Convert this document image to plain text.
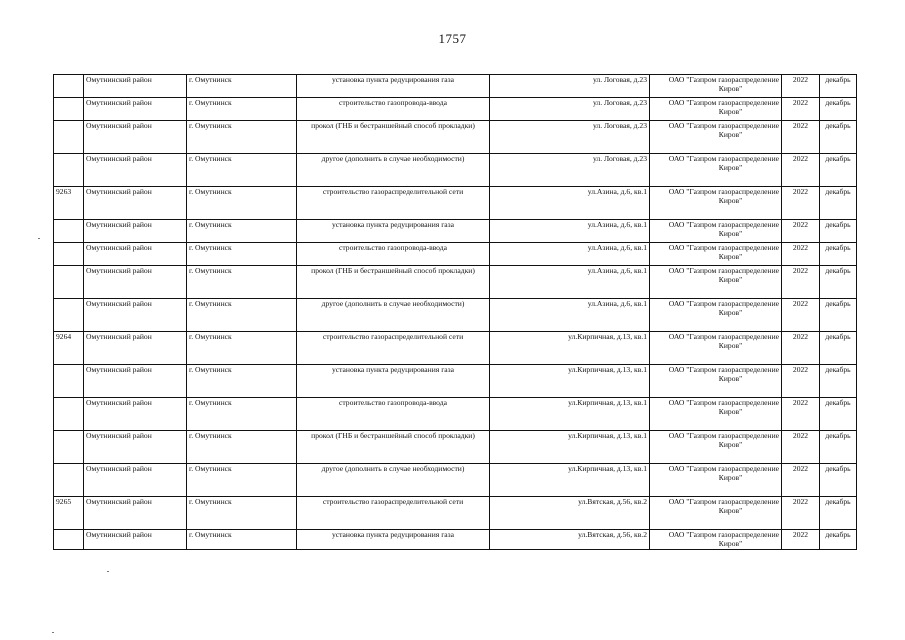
1757
	Омутнинский район	г. Омутнинск	установка пункта редуцирования газа	ул. Логовая, д.23	ОАО "Газпром газораспределение
Киров"	2022	декабрь
	Омутнинский район	г. Омутнинск	строительство газопровода-ввода	ул. Логовая, д.23	ОАО "Газпром газораспределение
Киров"	2022	декабрь
	Омутнинский район	г. Омутнинск	прокол (ГНБ и бестраншейный способ прокладки)	ул. Логовая, д.23	ОАО "Газпром газораспределение
Киров"	2022	декабрь
	Омутнинский район	г. Омутнинск	другое (дополнить в случае необходимости)	ул. Логовая, д.23	ОАО "Газпром газораспределение
Киров"	2022	декабрь
9263	Омутнинский район	г. Омутнинск	строительство газораспределительной сети	ул.Азина, д.6, кв.1	ОАО "Газпром газораспределение
Киров"	2022	декабрь
	Омутнинский район	г. Омутнинск	установка пункта редуцирования газа	ул.Азина, д.6, кв.1	ОАО "Газпром газораспределение
Киров"	2022	декабрь
	Омутнинский район	г. Омутнинск	строительство газопровода-ввода	ул.Азина, д.6, кв.1	ОАО "Газпром газораспределение
Киров"	2022	декабрь
	Омутнинский район	г. Омутнинск	прокол (ГНБ и бестраншейный способ прокладки)	ул.Азина, д.6, кв.1	ОАО "Газпром газораспределение
Киров"	2022	декабрь
	Омутнинский район	г. Омутнинск	другое (дополнить в случае необходимости)	ул.Азина, д.6, кв.1	ОАО "Газпром газораспределение
Киров"	2022	декабрь
9264	Омутнинский район	г. Омутнинск	строительство газораспределительной сети	ул.Кирпичная, д.13, кв.1	ОАО "Газпром газораспределение
Киров"	2022	декабрь
	Омутнинский район	г. Омутнинск	установка пункта редуцирования газа	ул.Кирпичная, д.13, кв.1	ОАО "Газпром газораспределение
Киров"	2022	декабрь
	Омутнинский район	г. Омутнинск	строительство газопровода-ввода	ул.Кирпичная, д.13, кв.1	ОАО "Газпром газораспределение
Киров"	2022	декабрь
	Омутнинский район	г. Омутнинск	прокол (ГНБ и бестраншейный способ прокладки)	ул.Кирпичная, д.13, кв.1	ОАО "Газпром газораспределение
Киров"	2022	декабрь
	Омутнинский район	г. Омутнинск	другое (дополнить в случае необходимости)	ул.Кирпичная, д.13, кв.1	ОАО "Газпром газораспределение
Киров"	2022	декабрь
9265	Омутнинский район	г. Омутнинск	строительство газораспределительной сети	ул.Вятская, д.56, кв.2	ОАО "Газпром газораспределение
Киров"	2022	декабрь
	Омутнинский район	г. Омутнинск	установка пункта редуцирования газа	ул.Вятская, д.56, кв.2	ОАО "Газпром газораспределение
Киров"	2022	декабрь
